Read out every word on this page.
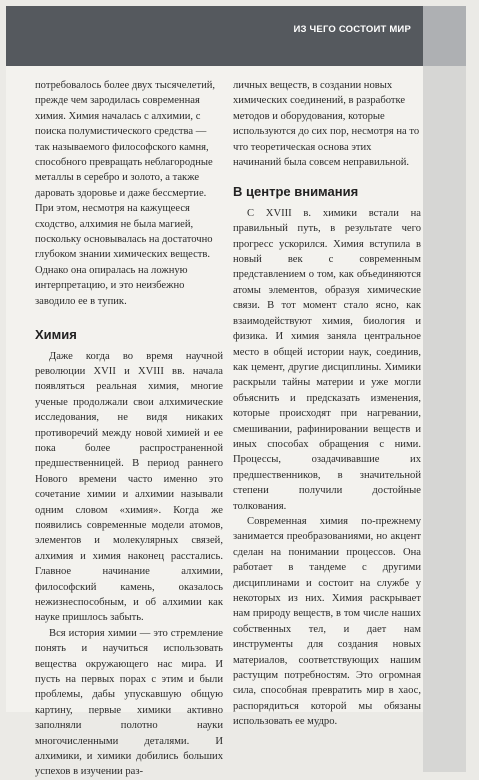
ИЗ ЧЕГО СОСТОИТ МИР

потребовалось более двух тысячелетий, прежде чем зародилась современная химия. Химия началась с алхимии, с поиска полумистического средства — так называемого философского камня, способного превращать неблагородные металлы в серебро и золото, а также даровать здоровье и даже бессмертие. При этом, несмотря на кажущееся сходство, алхимия не была магией, поскольку основывалась на достаточно глубоком знании химических веществ. Однако она опиралась на ложную интерпретацию, и это неизбежно заводило ее в тупик.

Химия

Даже когда во время научной революции XVII и XVIII вв. начала появляться реальная химия, многие ученые продолжали свои алхимические исследования, не видя никаких противоречий между новой химией и ее пока более распространенной предшественницей. В период раннего Нового времени часто именно это сочетание химии и алхимии называли одним словом «химия». Когда же появились современные модели атомов, элементов и молекулярных связей, алхимия и химия наконец расстались. Главное начинание алхимии, философский камень, оказалось нежизнеспособным, и об алхимии как науке пришлось забыть.

Вся история химии — это стремление понять и научиться использовать вещества окружающего нас мира. И пусть на первых порах с этим и были проблемы, дабы упускавшую общую картину, первые химики активно заполняли полотно науки многочисленными деталями. И алхимики, и химики добились больших успехов в изучении раз-

личных веществ, в создании новых химических соединений, в разработке методов и оборудования, которые используются до сих пор, несмотря на то что теоретическая основа этих начинаний была совсем неправильной.

В центре внимания

С XVIII в. химики встали на правильный путь, в результате чего прогресс ускорился. Химия вступила в новый век с современным представлением о том, как объединяются атомы элементов, образуя химические связи. В тот момент стало ясно, как взаимодействуют химия, биология и физика. И химия заняла центральное место в общей истории наук, соединив, как цемент, другие дисциплины. Химики раскрыли тайны материи и уже могли объяснить и предсказать изменения, которые происходят при нагревании, смешивании, рафинировании веществ и иных способах обращения с ними. Процессы, озадачивавшие их предшественников, в значительной степени получили достойные толкования.

Современная химия по-прежнему занимается преобразованиями, но акцент сделан на понимании процессов. Она работает в тандеме с другими дисциплинами и состоит на службе у некоторых из них. Химия раскрывает нам природу веществ, в том числе наших собственных тел, и дает нам инструменты для создания новых материалов, соответствующих нашим растущим потребностям. Это огромная сила, способная превратить мир в хаос, распорядиться которой мы обязаны использовать ее мудро.
